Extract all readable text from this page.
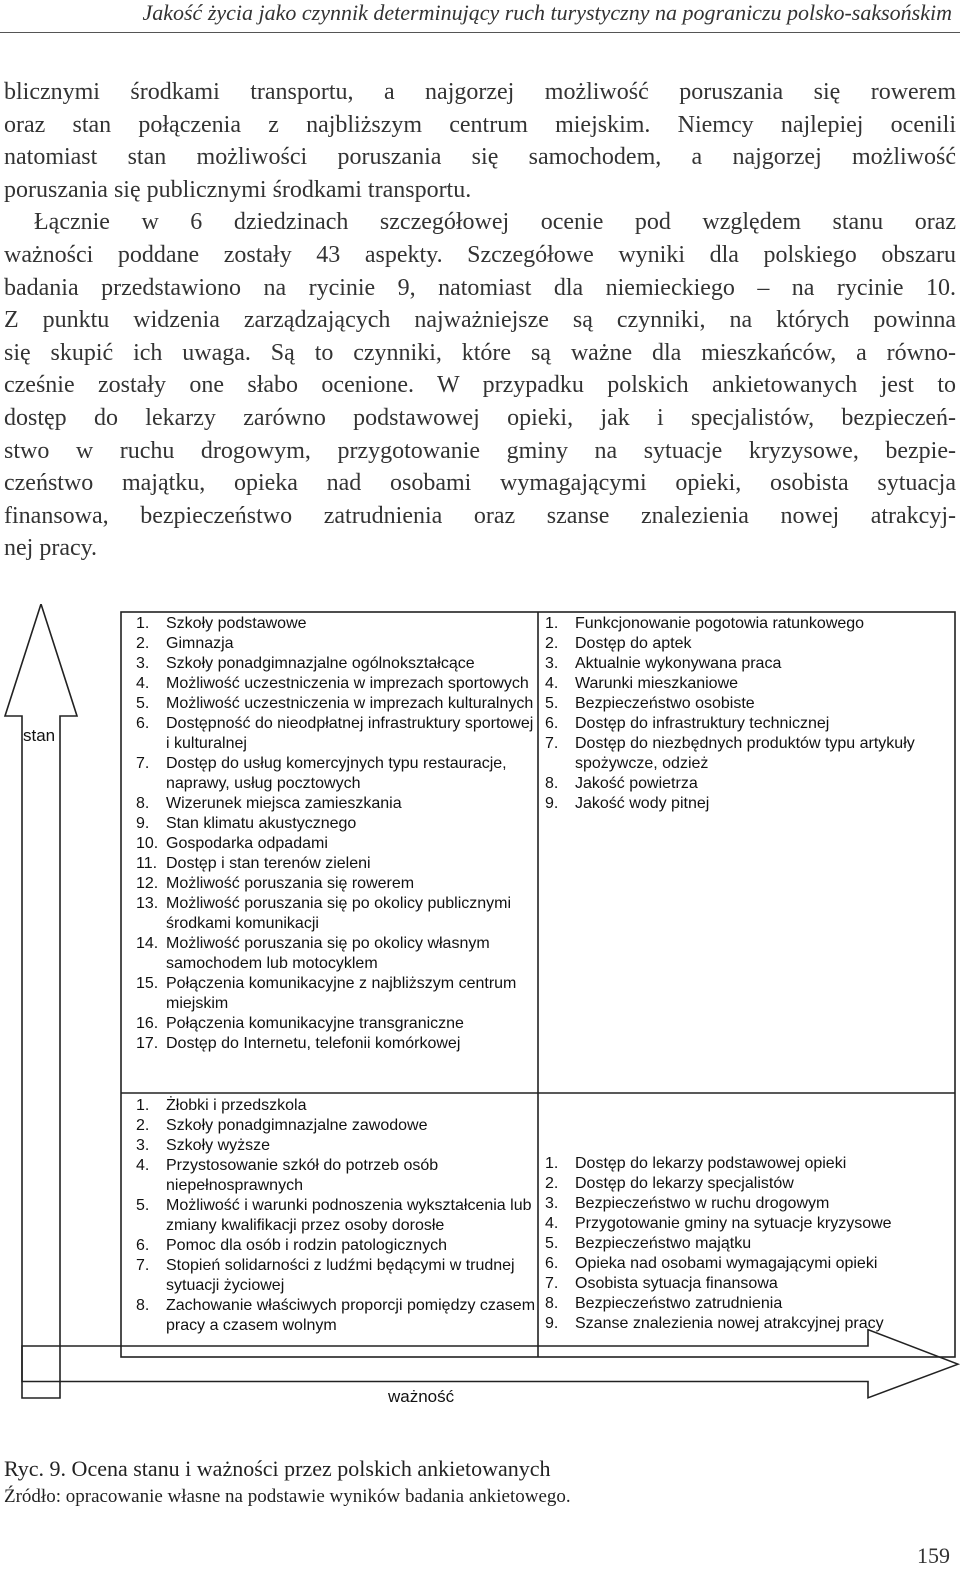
Jakość życia jako czynnik determinujący ruch turystyczny na pograniczu polsko-saksońskim
blicznymi środkami transportu, a najgorzej możliwość poruszania się rowerem
oraz stan połączenia z najbliższym centrum miejskim. Niemcy najlepiej ocenili
natomiast stan możliwości poruszania się samochodem, a najgorzej możliwość
poruszania się publicznymi środkami transportu.
Łącznie w 6 dziedzinach szczegółowej ocenie pod względem stanu oraz
ważności poddane zostały 43 aspekty. Szczegółowe wyniki dla polskiego obszaru
badania przedstawiono na rycinie 9, natomiast dla niemieckiego – na rycinie 10.
Z punktu widzenia zarządzających najważniejsze są czynniki, na których powinna
się skupić ich uwaga. Są to czynniki, które są ważne dla mieszkańców, a równo-
cześnie zostały one słabo ocenione. W przypadku polskich ankietowanych jest to
dostęp do lekarzy zarówno podstawowej opieki, jak i specjalistów, bezpieczeń-
stwo w ruchu drogowym, przygotowanie gminy na sytuacje kryzysowe, bezpie-
czeństwo majątku, opieka nad osobami wymagającymi opieki, osobista sytuacja
finansowa, bezpieczeństwo zatrudnienia oraz szanse znalezienia nowej atrakcyj-
nej pracy.
stan
ważność
1.	Szkoły podstawowe
2.	Gimnazja
3.	Szkoły ponadgimnazjalne ogólnokształcące
4.	Możliwość uczestniczenia w imprezach sportowych
5.	Możliwość uczestniczenia w imprezach kulturalnych
6.	Dostępność do nieodpłatnej infrastruktury sportowej i kulturalnej
7.	Dostęp do usług komercyjnych typu restauracje, naprawy, usług pocztowych
8.	Wizerunek miejsca zamieszkania
9.	Stan klimatu akustycznego
10. Gospodarka odpadami
11. Dostęp i stan terenów zieleni
12. Możliwość poruszania się rowerem
13. Możliwość poruszania się po okolicy publicznymi środkami komunikacji
14. Możliwość poruszania się po okolicy własnym samochodem lub motocyklem
15. Połączenia komunikacyjne z najbliższym centrum miejskim
16. Połączenia komunikacyjne transgraniczne
17. Dostęp do Internetu, telefonii komórkowej
1.	Funkcjonowanie pogotowia ratunkowego
2.	Dostęp do aptek
3.	Aktualnie wykonywana praca
4.	Warunki mieszkaniowe
5.	Bezpieczeństwo osobiste
6.	Dostęp do infrastruktury technicznej
7.	Dostęp do niezbędnych produktów typu artykuły spożywcze, odzież
8.	Jakość powietrza
9.	Jakość wody pitnej
1.	Żłobki i przedszkola
2.	Szkoły ponadgimnazjalne zawodowe
3.	Szkoły wyższe
4.	Przystosowanie szkół do potrzeb osób niepełnosprawnych
5.	Możliwość i warunki podnoszenia wykształcenia lub zmiany kwalifikacji przez osoby dorosłe
6.	Pomoc dla osób i rodzin patologicznych
7.	Stopień solidarności z ludźmi będącymi w trudnej sytuacji życiowej
8.	Zachowanie właściwych proporcji pomiędzy czasem pracy a czasem wolnym
1.	Dostęp do lekarzy podstawowej opieki
2.	Dostęp do lekarzy specjalistów
3.	Bezpieczeństwo w ruchu drogowym
4.	Przygotowanie gminy na sytuacje kryzysowe
5.	Bezpieczeństwo majątku
6.	Opieka nad osobami wymagającymi opieki
7.	Osobista sytuacja finansowa
8.	Bezpieczeństwo zatrudnienia
9.	Szanse znalezienia nowej atrakcyjnej pracy
Ryc. 9. Ocena stanu i ważności przez polskich ankietowanych
Źródło: opracowanie własne na podstawie wyników badania ankietowego.
159
